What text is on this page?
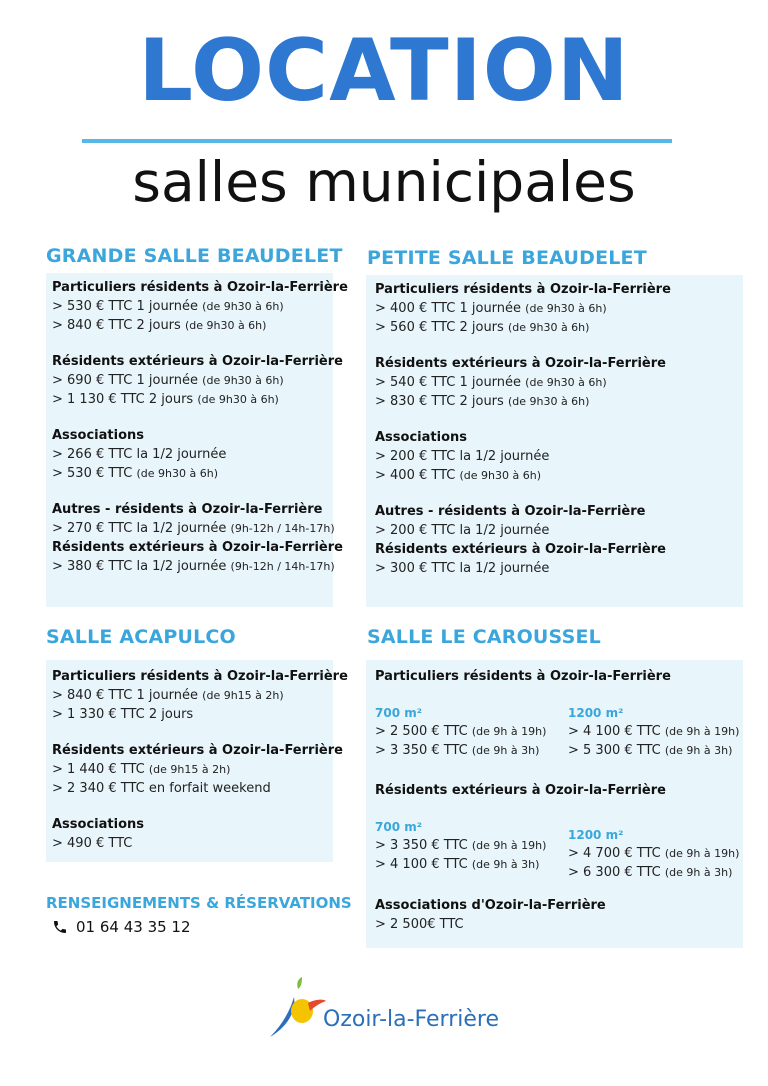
LOCATION
salles municipales
GRANDE SALLE BEAUDELET
Particuliers résidents à Ozoir-la-Ferrière
> 530 € TTC 1 journée (de 9h30 à 6h)
> 840 € TTC 2 jours (de 9h30 à 6h)
Résidents extérieurs à Ozoir-la-Ferrière
> 690 € TTC 1 journée (de 9h30 à 6h)
> 1 130 € TTC 2 jours (de 9h30 à 6h)
Associations
> 266 € TTC la 1/2 journée
> 530 € TTC (de 9h30 à 6h)
Autres - résidents à Ozoir-la-Ferrière
> 270 € TTC la 1/2 journée (9h-12h / 14h-17h)
Résidents extérieurs à Ozoir-la-Ferrière
> 380 € TTC la 1/2 journée (9h-12h / 14h-17h)
PETITE SALLE BEAUDELET
Particuliers résidents à Ozoir-la-Ferrière
> 400 € TTC 1 journée (de 9h30 à 6h)
> 560 € TTC 2 jours (de 9h30 à 6h)
Résidents extérieurs à Ozoir-la-Ferrière
> 540 € TTC 1 journée (de 9h30 à 6h)
> 830 € TTC 2 jours (de 9h30 à 6h)
Associations
> 200 € TTC la 1/2 journée
> 400 € TTC (de 9h30 à 6h)
Autres - résidents à Ozoir-la-Ferrière
> 200 € TTC la 1/2 journée
Résidents extérieurs à Ozoir-la-Ferrière
> 300 € TTC la 1/2 journée
SALLE ACAPULCO
Particuliers résidents à Ozoir-la-Ferrière
> 840 € TTC 1 journée (de 9h15 à 2h)
> 1 330 € TTC 2 jours
Résidents extérieurs à Ozoir-la-Ferrière
> 1 440 € TTC (de 9h15 à 2h)
> 2 340 € TTC en forfait weekend
Associations
> 490 € TTC
SALLE LE CAROUSSEL
Particuliers résidents à Ozoir-la-Ferrière
700 m²
> 2 500 € TTC (de 9h à 19h)
> 3 350 € TTC (de 9h à 3h)
1200 m²
> 4 100 € TTC (de 9h à 19h)
> 5 300 € TTC (de 9h à 3h)
Résidents extérieurs à Ozoir-la-Ferrière
700 m²
> 3 350 € TTC (de 9h à 19h)
> 4 100 € TTC (de 9h à 3h)
1200 m²
> 4 700 € TTC (de 9h à 19h)
> 6 300 € TTC (de 9h à 3h)
Associations d'Ozoir-la-Ferrière
> 2 500€ TTC
RENSEIGNEMENTS & RÉSERVATIONS
01 64 43 35 12
Ozoir-la-Ferrière
